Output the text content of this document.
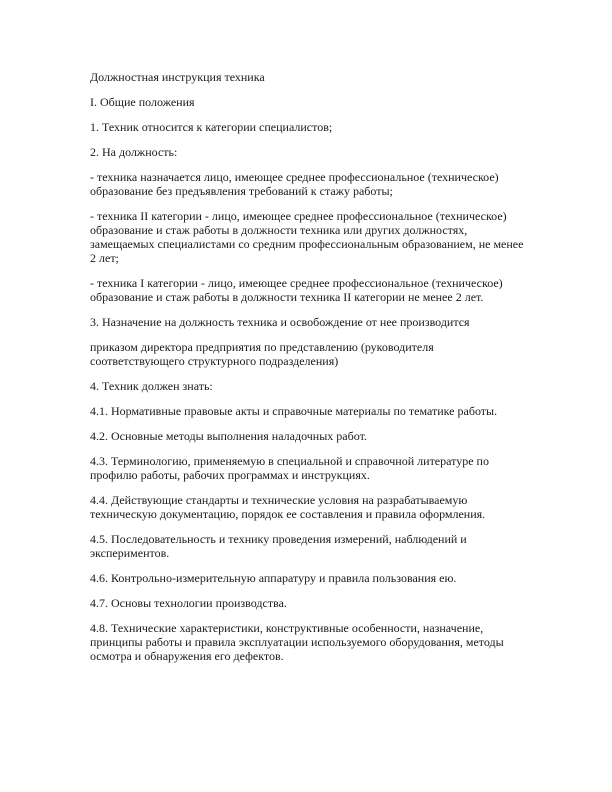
Должностная инструкция техника

I. Общие положения

1. Техник относится к категории специалистов;

2. На должность:

- техника назначается лицо, имеющее среднее профессиональное (техническое) образование без предъявления требований к стажу работы;

- техника II категории - лицо, имеющее среднее профессиональное (техническое) образование и стаж работы в должности техника или других должностях, замещаемых специалистами со средним профессиональным образованием, не менее 2 лет;

- техника I категории - лицо, имеющее среднее профессиональное (техническое) образование и стаж работы в должности техника II категории не менее 2 лет.

3. Назначение на должность техника и освобождение от нее производится

приказом директора предприятия по представлению (руководителя соответствующего структурного подразделения)

4. Техник должен знать:

4.1. Нормативные правовые акты и справочные материалы по тематике работы.

4.2. Основные методы выполнения наладочных работ.

4.3. Терминологию, применяемую в специальной и справочной литературе по профилю работы, рабочих программах и инструкциях.

4.4. Действующие стандарты и технические условия на разрабатываемую техническую документацию, порядок ее составления и правила оформления.

4.5. Последовательность и технику проведения измерений, наблюдений и экспериментов.

4.6. Контрольно-измерительную аппаратуру и правила пользования ею.

4.7. Основы технологии производства.

4.8. Технические характеристики, конструктивные особенности, назначение, принципы работы и правила эксплуатации используемого оборудования, методы осмотра и обнаружения его дефектов.
